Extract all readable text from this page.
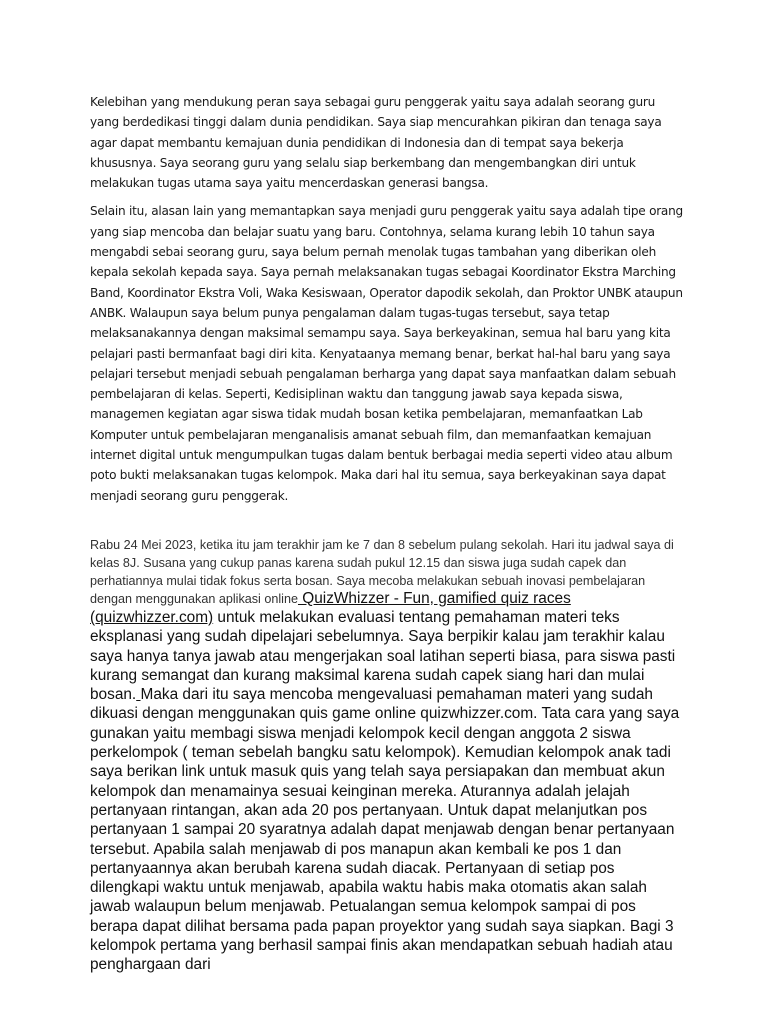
Kelebihan yang mendukung peran saya sebagai guru penggerak yaitu saya adalah seorang guru yang berdedikasi tinggi dalam dunia pendidikan. Saya siap mencurahkan pikiran dan tenaga saya agar dapat membantu kemajuan dunia pendidikan di Indonesia dan di tempat saya bekerja khususnya. Saya seorang guru yang selalu siap berkembang dan mengembangkan diri untuk melakukan tugas utama saya yaitu mencerdaskan generasi bangsa.

Selain itu, alasan lain yang memantapkan saya menjadi guru penggerak yaitu saya adalah tipe orang yang siap mencoba dan belajar suatu yang baru. Contohnya, selama kurang lebih 10 tahun saya mengabdi sebai seorang guru, saya belum pernah menolak tugas tambahan yang diberikan oleh kepala sekolah kepada saya. Saya pernah melaksanakan tugas sebagai Koordinator Ekstra Marching Band, Koordinator Ekstra Voli, Waka Kesiswaan, Operator dapodik sekolah, dan Proktor UNBK ataupun ANBK. Walaupun saya belum punya pengalaman dalam tugas-tugas tersebut, saya tetap melaksanakannya dengan maksimal semampu saya. Saya berkeyakinan, semua hal baru yang kita pelajari pasti bermanfaat bagi diri kita. Kenyataanya memang benar, berkat hal-hal baru yang saya pelajari tersebut menjadi sebuah pengalaman berharga yang dapat saya manfaatkan dalam sebuah pembelajaran di kelas. Seperti, Kedisiplinan waktu dan tanggung jawab saya kepada siswa, managemen kegiatan agar siswa tidak mudah bosan ketika pembelajaran, memanfaatkan Lab Komputer untuk pembelajaran menganalisis amanat sebuah film, dan memanfaatkan kemajuan internet digital untuk mengumpulkan tugas dalam bentuk berbagai media seperti video atau album poto bukti melaksanakan tugas kelompok. Maka dari hal itu semua, saya berkeyakinan saya dapat menjadi seorang guru penggerak.

Rabu 24 Mei 2023, ketika itu jam terakhir jam ke 7 dan 8 sebelum pulang sekolah. Hari itu jadwal saya di kelas 8J. Susana yang cukup panas karena sudah pukul 12.15 dan siswa juga sudah capek dan perhatiannya mulai tidak fokus serta bosan. Saya mecoba melakukan sebuah inovasi pembelajaran dengan menggunakan aplikasi online QuizWhizzer - Fun, gamified quiz races (quizwhizzer.com) untuk melakukan evaluasi tentang pemahaman materi teks eksplanasi yang sudah dipelajari sebelumnya. Saya berpikir kalau jam terakhir kalau saya hanya tanya jawab atau mengerjakan soal latihan seperti biasa, para siswa pasti kurang semangat dan kurang maksimal karena sudah capek siang hari dan mulai bosan. Maka dari itu saya mencoba mengevaluasi pemahaman materi yang sudah dikuasi dengan menggunakan quis game online quizwhizzer.com. Tata cara yang saya gunakan yaitu membagi siswa menjadi kelompok kecil dengan anggota 2 siswa perkelompok ( teman sebelah bangku satu kelompok). Kemudian kelompok anak tadi saya berikan link untuk masuk quis yang telah saya persiapakan dan membuat akun kelompok dan menamainya sesuai keinginan mereka. Aturannya adalah jelajah pertanyaan rintangan, akan ada 20 pos pertanyaan. Untuk dapat melanjutkan pos pertanyaan 1 sampai 20 syaratnya adalah dapat menjawab dengan benar pertanyaan tersebut. Apabila salah menjawab di pos manapun akan kembali ke pos 1 dan pertanyaannya akan berubah karena sudah diacak. Pertanyaan di setiap pos dilengkapi waktu untuk menjawab, apabila waktu habis maka otomatis akan salah jawab walaupun belum menjawab. Petualangan semua kelompok sampai di pos berapa dapat dilihat bersama pada papan proyektor yang sudah saya siapkan. Bagi 3 kelompok pertama yang berhasil sampai finis akan mendapatkan sebuah hadiah atau penghargaan dari
